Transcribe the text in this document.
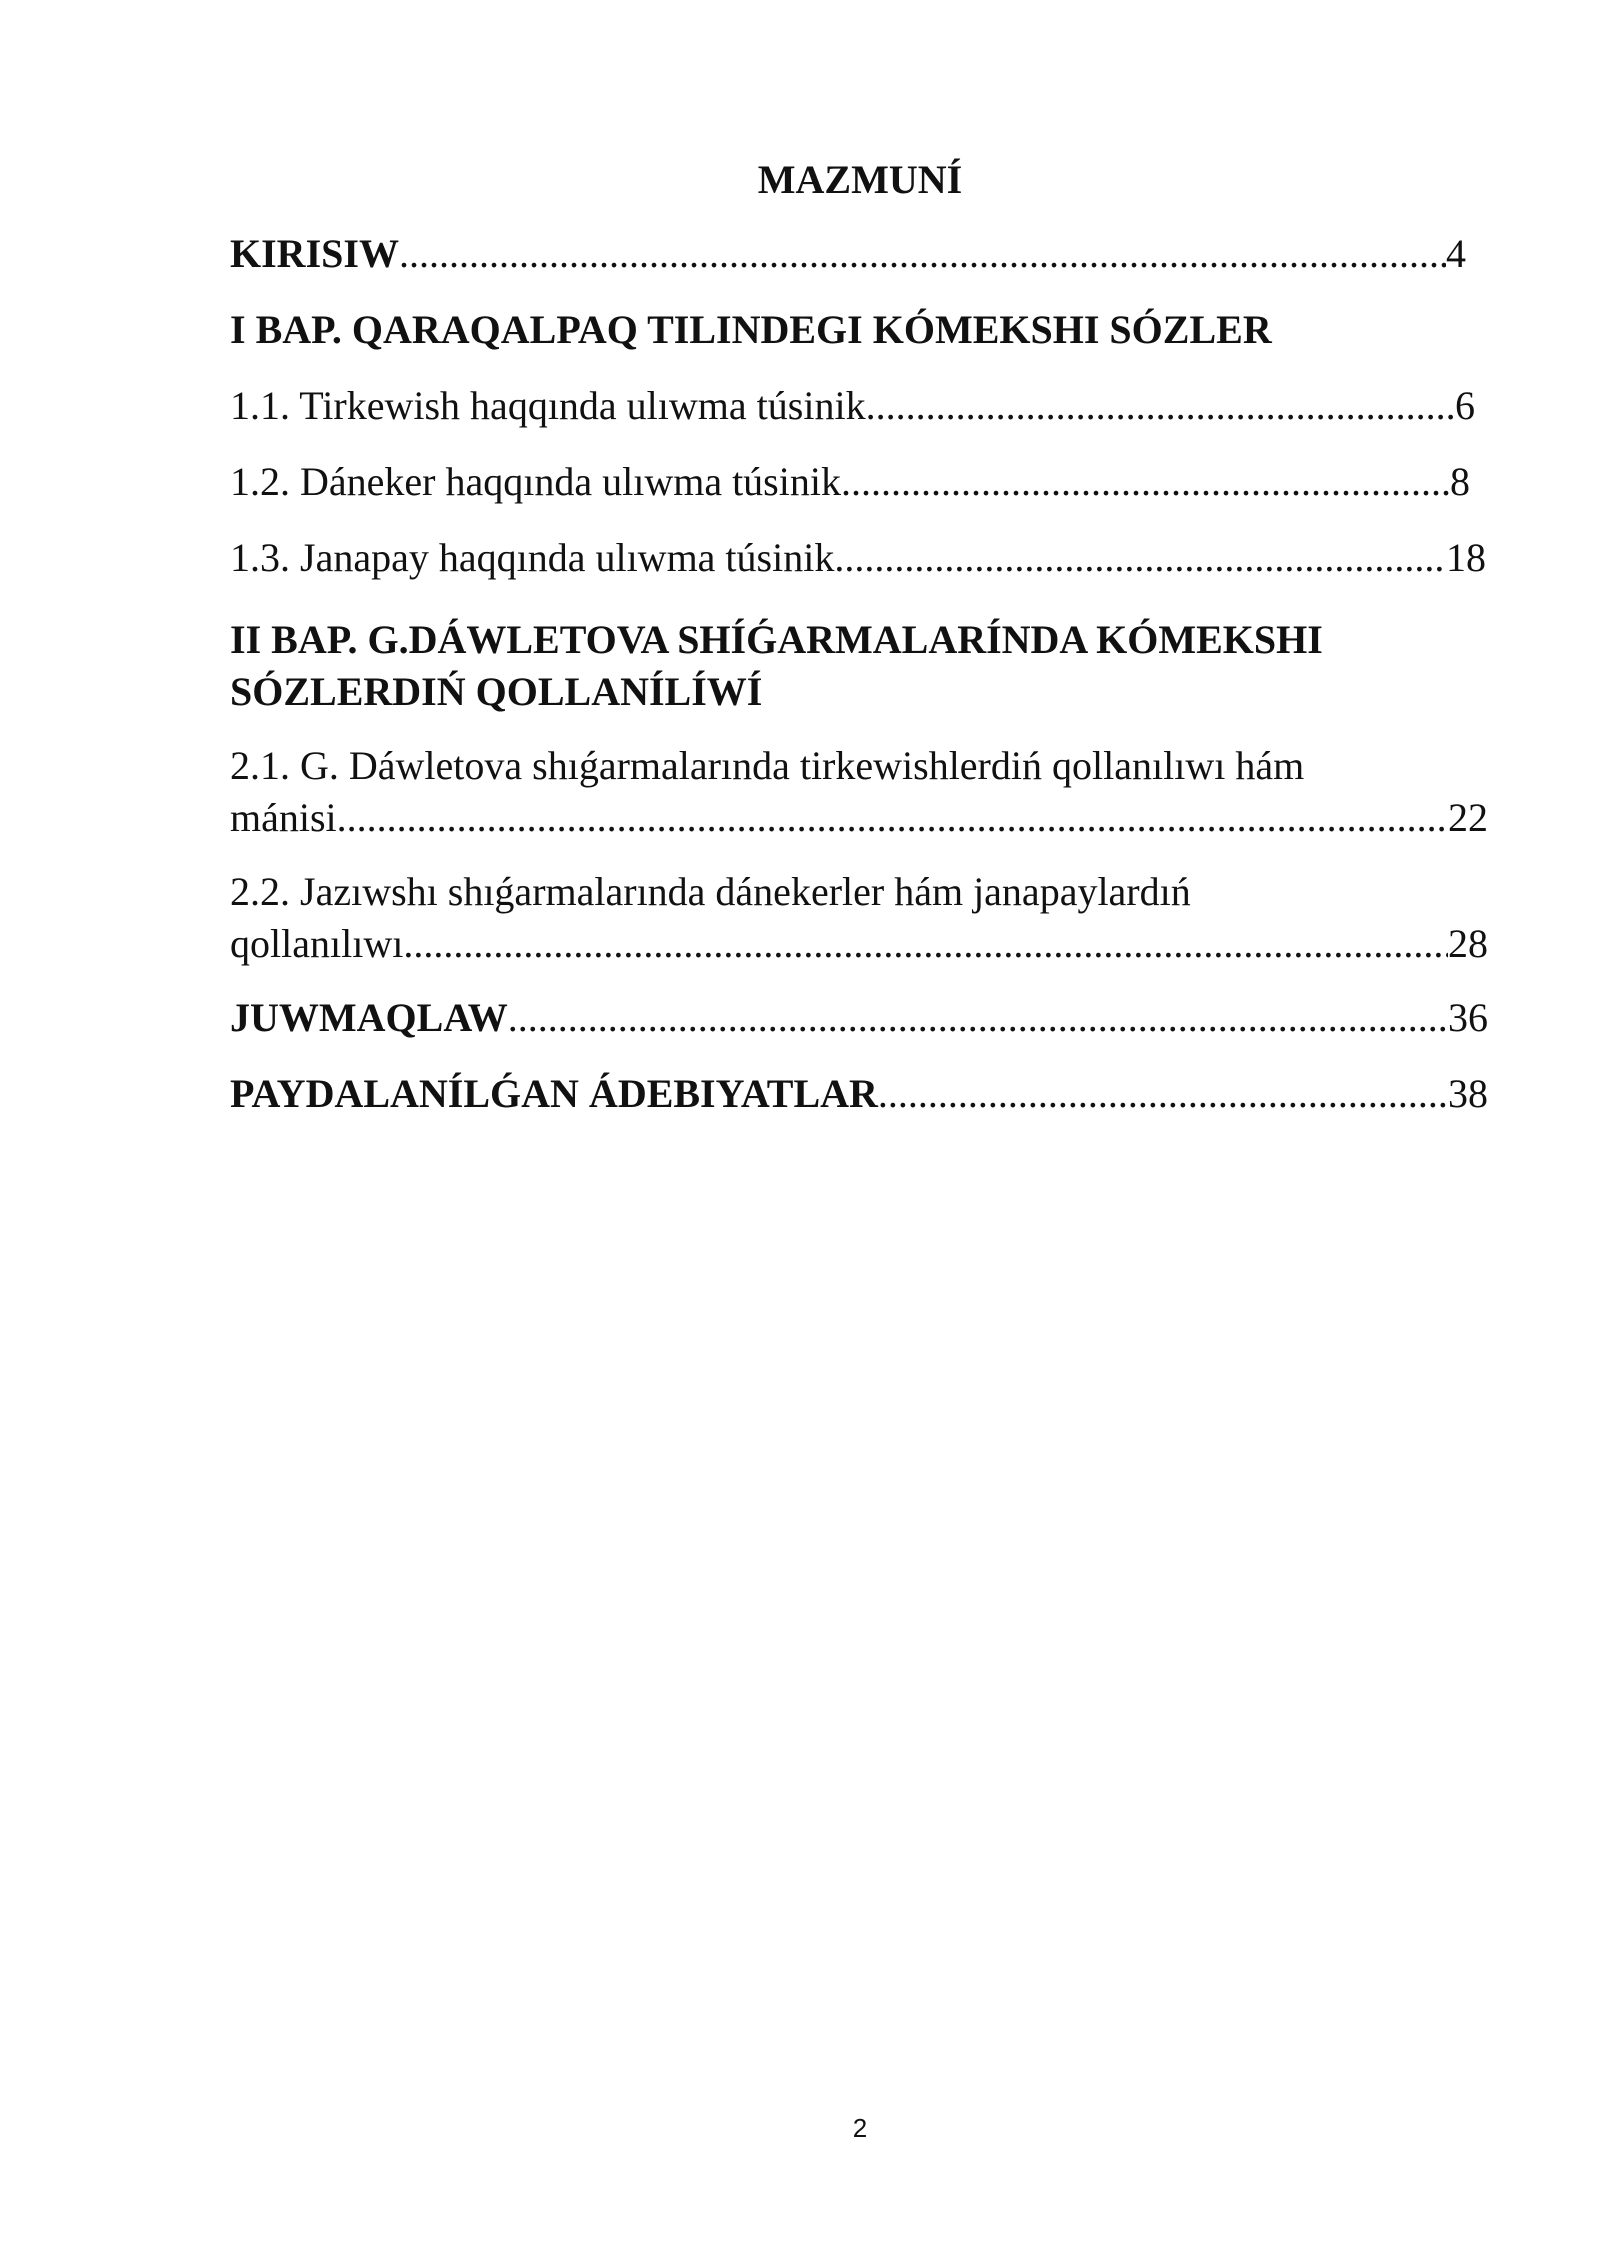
MAZMUNÍ
KIRISIW .....	4
I BAP. QARAQALPAQ TILINDEGI KÓMEKSHI SÓZLER
1.1. Tirkewish haqqında ulıwma túsinik .....	6
1.2. Dáneker haqqında ulıwma túsinik .....	8
1.3. Janapay haqqında ulıwma túsinik .....	18
II BAP. G.DÁWLETOVA SHÍǴARMALARÍNDA KÓMEKSHI
SÓZLERDIŃ QOLLANÍLÍWÍ
2.1. G. Dáwletova shıǵarmalarında tirkewishlerdiń qollanılıwı hám
mánisi .....	22
2.2. Jazıwshı shıǵarmalarında dánekerler hám janapaylardıń
qollanılıwı .....	28
JUWMAQLAW .....	36
PAYDALANÍLǴAN ÁDEBIYATLAR .....	38
2
